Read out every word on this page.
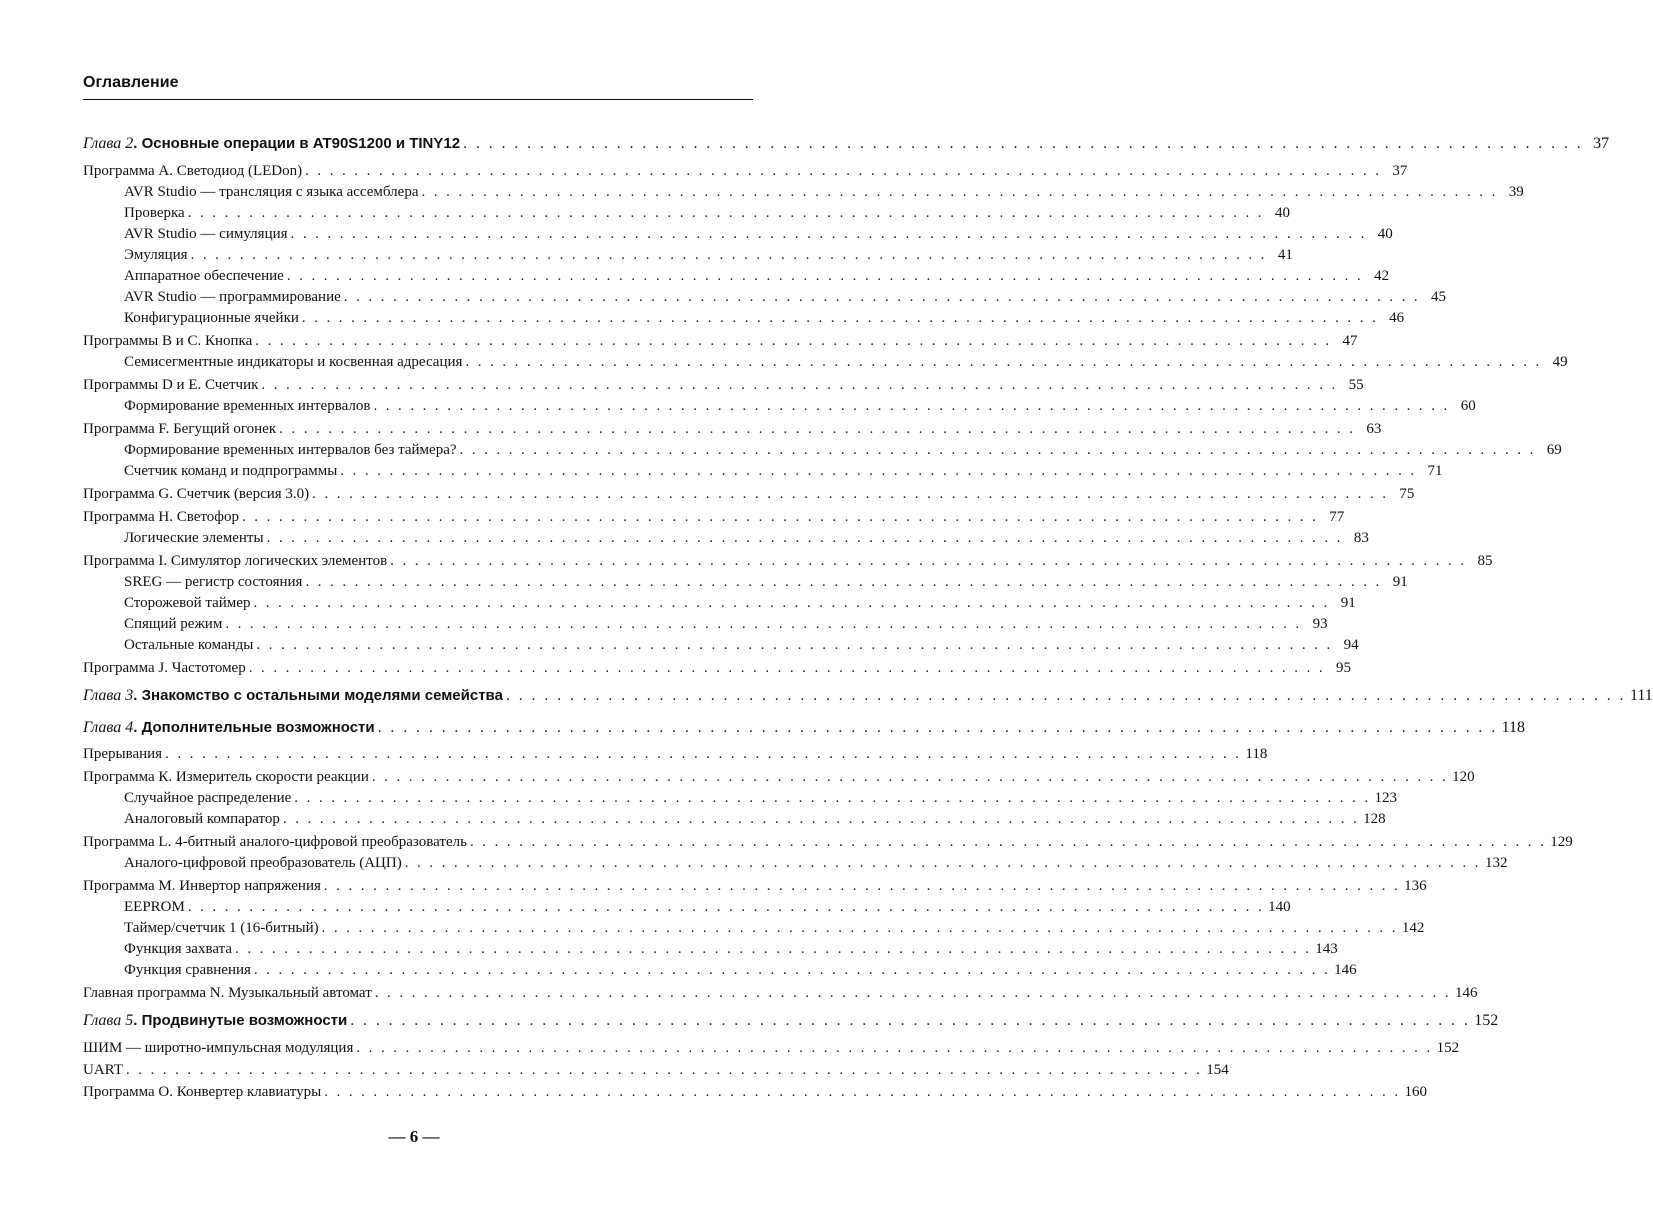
Оглавление
Глава 2. Основные операции в AT90S1200 и TINY12 . . . . . . . . . . . . . . . . . . . . . . . . . . . . . . . . . . . . . . . . . . . . . . . . . . . . . . . . . . . . . . . . . . . . . . . . . . . . . . . . . . . . . . . . 37
Программа А. Светодиод (LEDon) . . . . . . . . . . . . . . . . . . . . . . . . . . . . . . . . . . . . . . . . . . . . . . . . . . . . . . . . . . . . . . . . . . . . . . . . . . . . . . . . . . . . . . . . 37
AVR Studio — трансляция с языка ассемблера . . . . . . . . . . . . . . . . . . . . . . . . . . . . . . . . . . . . . . . . . . . . . . . . . . . . . . . . . . . . . . . . . . . . . . . . . . . . . . . . . . . . . . . . 39
Проверка . . . . . . . . . . . . . . . . . . . . . . . . . . . . . . . . . . . . . . . . . . . . . . . . . . . . . . . . . . . . . . . . . . . . . . . . . . . . . . . . . . . . . . . . 40
AVR Studio — симуляция . . . . . . . . . . . . . . . . . . . . . . . . . . . . . . . . . . . . . . . . . . . . . . . . . . . . . . . . . . . . . . . . . . . . . . . . . . . . . . . . . . . . . . . . 40
Эмуляция . . . . . . . . . . . . . . . . . . . . . . . . . . . . . . . . . . . . . . . . . . . . . . . . . . . . . . . . . . . . . . . . . . . . . . . . . . . . . . . . . . . . . . . . 41
Аппаратное обеспечение . . . . . . . . . . . . . . . . . . . . . . . . . . . . . . . . . . . . . . . . . . . . . . . . . . . . . . . . . . . . . . . . . . . . . . . . . . . . . . . . . . . . . . . . 42
AVR Studio — программирование . . . . . . . . . . . . . . . . . . . . . . . . . . . . . . . . . . . . . . . . . . . . . . . . . . . . . . . . . . . . . . . . . . . . . . . . . . . . . . . . . . . . . . . . 45
Конфигурационные ячейки . . . . . . . . . . . . . . . . . . . . . . . . . . . . . . . . . . . . . . . . . . . . . . . . . . . . . . . . . . . . . . . . . . . . . . . . . . . . . . . . . . . . . . . . 46
Программы В и С. Кнопка . . . . . . . . . . . . . . . . . . . . . . . . . . . . . . . . . . . . . . . . . . . . . . . . . . . . . . . . . . . . . . . . . . . . . . . . . . . . . . . . . . . . . . . . 47
Семисегментные индикаторы и косвенная адресация . . . . . . . . . . . . . . . . . . . . . . . . . . . . . . . . . . . . . . . . . . . . . . . . . . . . . . . . . . . . . . . . . . . . . . . . . . . . . . . . . . . . . . . . 49
Программы D и Е. Счетчик . . . . . . . . . . . . . . . . . . . . . . . . . . . . . . . . . . . . . . . . . . . . . . . . . . . . . . . . . . . . . . . . . . . . . . . . . . . . . . . . . . . . . . . . 55
Формирование временных интервалов . . . . . . . . . . . . . . . . . . . . . . . . . . . . . . . . . . . . . . . . . . . . . . . . . . . . . . . . . . . . . . . . . . . . . . . . . . . . . . . . . . . . . . . . 60
Программа F. Бегущий огонек . . . . . . . . . . . . . . . . . . . . . . . . . . . . . . . . . . . . . . . . . . . . . . . . . . . . . . . . . . . . . . . . . . . . . . . . . . . . . . . . . . . . . . . . 63
Формирование временных интервалов без таймера? . . . . . . . . . . . . . . . . . . . . . . . . . . . . . . . . . . . . . . . . . . . . . . . . . . . . . . . . . . . . . . . . . . . . . . . . . . . . . . . . . . . . . . . . 69
Счетчик команд и подпрограммы . . . . . . . . . . . . . . . . . . . . . . . . . . . . . . . . . . . . . . . . . . . . . . . . . . . . . . . . . . . . . . . . . . . . . . . . . . . . . . . . . . . . . . . . 71
Программа G. Счетчик (версия 3.0) . . . . . . . . . . . . . . . . . . . . . . . . . . . . . . . . . . . . . . . . . . . . . . . . . . . . . . . . . . . . . . . . . . . . . . . . . . . . . . . . . . . . . . . . 75
Программа Н. Светофор . . . . . . . . . . . . . . . . . . . . . . . . . . . . . . . . . . . . . . . . . . . . . . . . . . . . . . . . . . . . . . . . . . . . . . . . . . . . . . . . . . . . . . . . 77
Логические элементы . . . . . . . . . . . . . . . . . . . . . . . . . . . . . . . . . . . . . . . . . . . . . . . . . . . . . . . . . . . . . . . . . . . . . . . . . . . . . . . . . . . . . . . . 83
Программа I. Симулятор логических элементов . . . . . . . . . . . . . . . . . . . . . . . . . . . . . . . . . . . . . . . . . . . . . . . . . . . . . . . . . . . . . . . . . . . . . . . . . . . . . . . . . . . . . . . . 85
SREG — регистр состояния . . . . . . . . . . . . . . . . . . . . . . . . . . . . . . . . . . . . . . . . . . . . . . . . . . . . . . . . . . . . . . . . . . . . . . . . . . . . . . . . . . . . . . . . 91
Сторожевой таймер . . . . . . . . . . . . . . . . . . . . . . . . . . . . . . . . . . . . . . . . . . . . . . . . . . . . . . . . . . . . . . . . . . . . . . . . . . . . . . . . . . . . . . . . 91
Спящий режим . . . . . . . . . . . . . . . . . . . . . . . . . . . . . . . . . . . . . . . . . . . . . . . . . . . . . . . . . . . . . . . . . . . . . . . . . . . . . . . . . . . . . . . . 93
Остальные команды . . . . . . . . . . . . . . . . . . . . . . . . . . . . . . . . . . . . . . . . . . . . . . . . . . . . . . . . . . . . . . . . . . . . . . . . . . . . . . . . . . . . . . . . 94
Программа J. Частотомер . . . . . . . . . . . . . . . . . . . . . . . . . . . . . . . . . . . . . . . . . . . . . . . . . . . . . . . . . . . . . . . . . . . . . . . . . . . . . . . . . . . . . . . . 95
Глава 3. Знакомство с остальными моделями семейства . . . . . . . . . . . . . . . . . . . . . . . . . . . . . . . . . . . . . . . . . . . . . . . . . . . . . . . . . . . . . . . . . . . . . . . . . . . . . . . . . . . . . . . . 111
Глава 4. Дополнительные возможности . . . . . . . . . . . . . . . . . . . . . . . . . . . . . . . . . . . . . . . . . . . . . . . . . . . . . . . . . . . . . . . . . . . . . . . . . . . . . . . . . . . . . . . . 118
Прерывания . . . . . . . . . . . . . . . . . . . . . . . . . . . . . . . . . . . . . . . . . . . . . . . . . . . . . . . . . . . . . . . . . . . . . . . . . . . . . . . . . . . . . . . . 118
Программа К. Измеритель скорости реакции . . . . . . . . . . . . . . . . . . . . . . . . . . . . . . . . . . . . . . . . . . . . . . . . . . . . . . . . . . . . . . . . . . . . . . . . . . . . . . . . . . . . . . . . 120
Случайное распределение . . . . . . . . . . . . . . . . . . . . . . . . . . . . . . . . . . . . . . . . . . . . . . . . . . . . . . . . . . . . . . . . . . . . . . . . . . . . . . . . . . . . . . . . 123
Аналоговый компаратор . . . . . . . . . . . . . . . . . . . . . . . . . . . . . . . . . . . . . . . . . . . . . . . . . . . . . . . . . . . . . . . . . . . . . . . . . . . . . . . . . . . . . . . . 128
Программа L. 4-битный аналого-цифровой преобразователь . . . . . . . . . . . . . . . . . . . . . . . . . . . . . . . . . . . . . . . . . . . . . . . . . . . . . . . . . . . . . . . . . . . . . . . . . . . . . . . . . . . . . . . . 129
Аналого-цифровой преобразователь (АЦП) . . . . . . . . . . . . . . . . . . . . . . . . . . . . . . . . . . . . . . . . . . . . . . . . . . . . . . . . . . . . . . . . . . . . . . . . . . . . . . . . . . . . . . . . 132
Программа М. Инвертор напряжения . . . . . . . . . . . . . . . . . . . . . . . . . . . . . . . . . . . . . . . . . . . . . . . . . . . . . . . . . . . . . . . . . . . . . . . . . . . . . . . . . . . . . . . . 136
EEPROM . . . . . . . . . . . . . . . . . . . . . . . . . . . . . . . . . . . . . . . . . . . . . . . . . . . . . . . . . . . . . . . . . . . . . . . . . . . . . . . . . . . . . . . . 140
Таймер/счетчик 1 (16-битный) . . . . . . . . . . . . . . . . . . . . . . . . . . . . . . . . . . . . . . . . . . . . . . . . . . . . . . . . . . . . . . . . . . . . . . . . . . . . . . . . . . . . . . . . 142
Функция захвата . . . . . . . . . . . . . . . . . . . . . . . . . . . . . . . . . . . . . . . . . . . . . . . . . . . . . . . . . . . . . . . . . . . . . . . . . . . . . . . . . . . . . . . . 143
Функция сравнения . . . . . . . . . . . . . . . . . . . . . . . . . . . . . . . . . . . . . . . . . . . . . . . . . . . . . . . . . . . . . . . . . . . . . . . . . . . . . . . . . . . . . . . . 146
Главная программа N. Музыкальный автомат . . . . . . . . . . . . . . . . . . . . . . . . . . . . . . . . . . . . . . . . . . . . . . . . . . . . . . . . . . . . . . . . . . . . . . . . . . . . . . . . . . . . . . . . 146
Глава 5. Продвинутые возможности . . . . . . . . . . . . . . . . . . . . . . . . . . . . . . . . . . . . . . . . . . . . . . . . . . . . . . . . . . . . . . . . . . . . . . . . . . . . . . . . . . . . . . . . 152
ШИМ — широтно-импульсная модуляция . . . . . . . . . . . . . . . . . . . . . . . . . . . . . . . . . . . . . . . . . . . . . . . . . . . . . . . . . . . . . . . . . . . . . . . . . . . . . . . . . . . . . . . . 152
UART . . . . . . . . . . . . . . . . . . . . . . . . . . . . . . . . . . . . . . . . . . . . . . . . . . . . . . . . . . . . . . . . . . . . . . . . . . . . . . . . . . . . . . . . 154
Программа О. Конвертер клавиатуры . . . . . . . . . . . . . . . . . . . . . . . . . . . . . . . . . . . . . . . . . . . . . . . . . . . . . . . . . . . . . . . . . . . . . . . . . . . . . . . . . . . . . . . . 160
— 6 —
